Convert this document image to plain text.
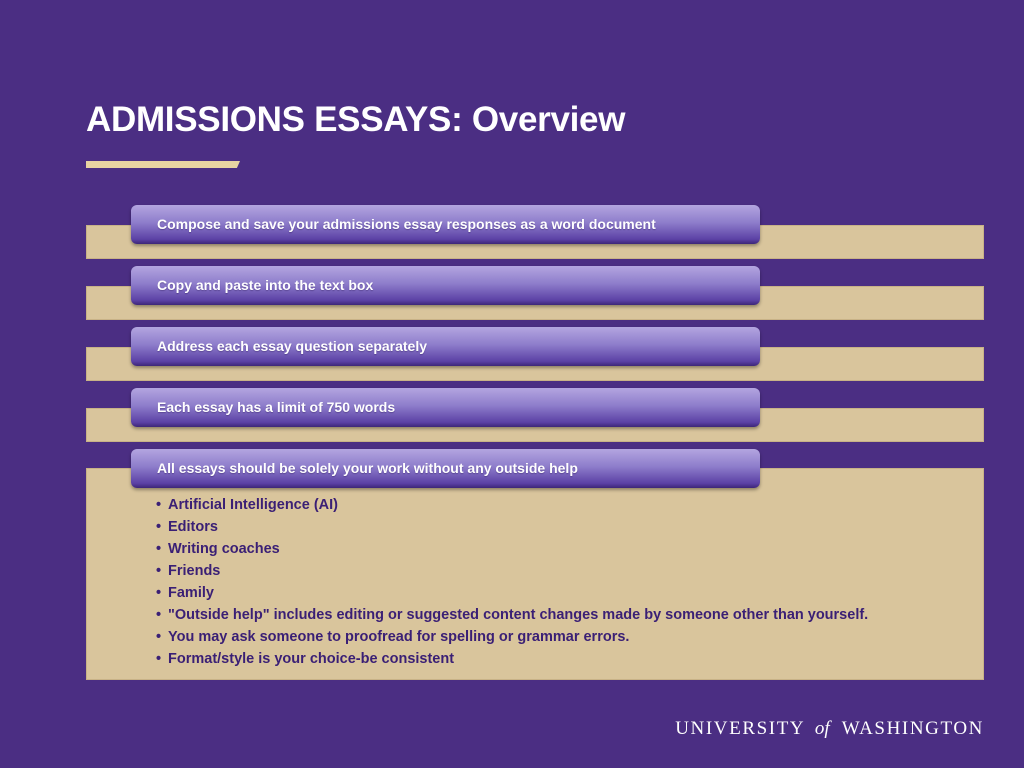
ADMISSIONS ESSAYS: Overview
Compose and save your admissions essay responses as a word document
Copy and paste into the text box
Address each essay question separately
Each essay has a limit of 750 words
All essays should be solely your work without any outside help
• Artificial Intelligence (AI)
• Editors
• Writing coaches
• Friends
• Family
• "Outside help" includes editing or suggested content changes made by someone other than yourself.
• You may ask someone to proofread for spelling or grammar errors.
• Format/style is your choice-be consistent
UNIVERSITY of WASHINGTON
